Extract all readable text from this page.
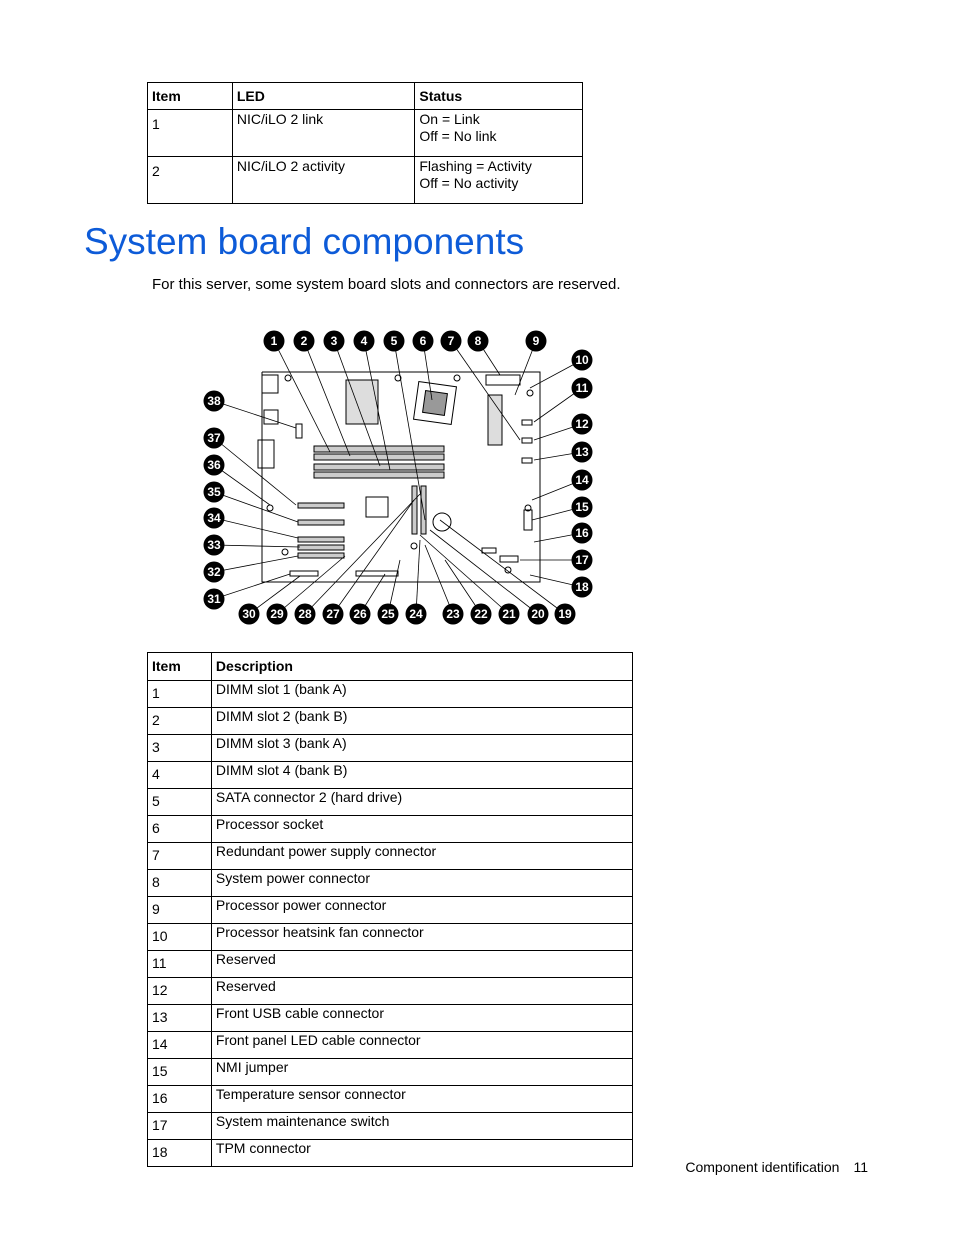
Item	LED	Status
1	NIC/iLO 2 link	On = Link
Off = No link
2	NIC/iLO 2 activity	Flashing = Activity
Off = No activity
System board components

For this server, some system board slots and connectors are reserved.

1 2 3 4 5 6 7 8	9
10
11
12
13
14
15
16
17
18
19
20
21
22
23
24
25
26
27
28
29
30
31
32
33
34
35
36
37
38
Item	Description
1	DIMM slot 1 (bank A)
2	DIMM slot 2 (bank B)
3	DIMM slot 3 (bank A)
4	DIMM slot 4 (bank B)
5	SATA connector 2 (hard drive)
6	Processor socket
7	Redundant power supply connector
8	System power connector
9	Processor power connector
10	Processor heatsink fan connector
11	Reserved
12	Reserved
13	Front USB cable connector
14	Front panel LED cable connector
15	NMI jumper
16	Temperature sensor connector
17	System maintenance switch
18	TPM connector
Component identification 11
